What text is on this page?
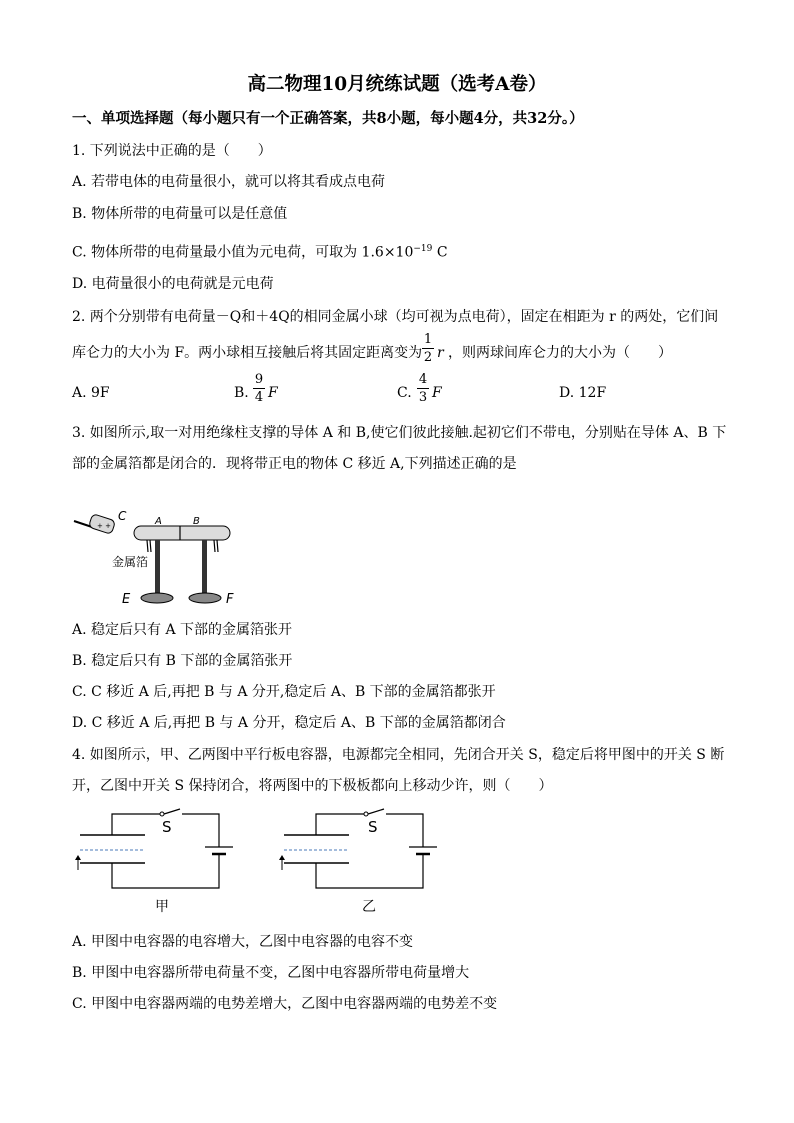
高二物理10月统练试题（选考A卷）
一、单项选择题（每小题只有一个正确答案，共8小题，每小题4分，共32分。）
1. 下列说法中正确的是（　　）
A. 若带电体的电荷量很小，就可以将其看成点电荷
B. 物体所带的电荷量可以是任意值
C. 物体所带的电荷量最小值为元电荷，可取为 $1.6\times 10^{-19}$ C
D. 电荷量很小的电荷就是元电荷
2. 两个分别带有电荷量－Q和＋4Q的相同金属小球（均可视为点电荷），固定在相距为 r 的两处，它们间
库仑力的大小为 F。两小球相互接触后将其固定距离变为
1
2 r ，则两球间库仑力的大小为（　　）
A. 9F	B.
9
4 F	C.
4
3 F	D. 12F
3. 如图所示,取一对用绝缘柱支撑的导体 A 和 B,使它们彼此接触.起初它们不带电，分别贴在导体 A、B 下
部的金属箔都是闭合的．现将带正电的物体 C 移近 A,下列描述正确的是
+ +
C	A	B
金属箔
E	F
A. 稳定后只有 A 下部的金属箔张开
B. 稳定后只有 B 下部的金属箔张开
C. C 移近 A 后,再把 B 与 A 分开,稳定后 A、B 下部的金属箔都张开
D. C 移近 A 后,再把 B 与 A 分开，稳定后 A、B 下部的金属箔都闭合
4. 如图所示，甲、乙两图中平行板电容器，电源都完全相同，先闭合开关 S，稳定后将甲图中的开关 S 断
开，乙图中开关 S 保持闭合，将两图中的下极板都向上移动少许，则（　　）
S
甲
S
乙
A. 甲图中电容器的电容增大，乙图中电容器的电容不变
B. 甲图中电容器所带电荷量不变，乙图中电容器所带电荷量增大
C. 甲图中电容器两端的电势差增大，乙图中电容器两端的电势差不变
